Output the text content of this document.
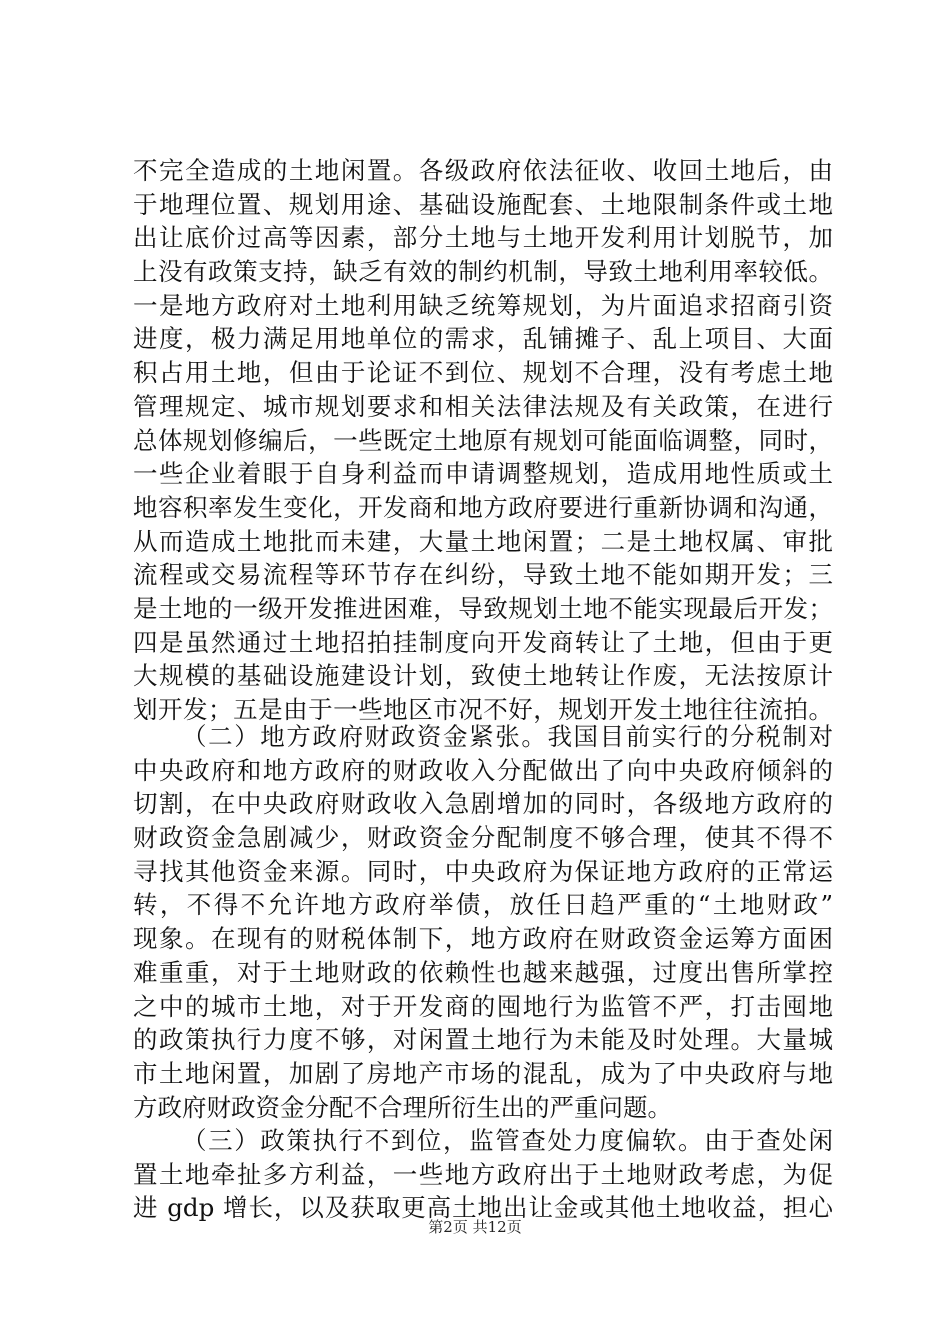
不完全造成的土地闲置。各级政府依法征收、收回土地后，由
于地理位置、规划用途、基础设施配套、土地限制条件或土地
出让底价过高等因素，部分土地与土地开发利用计划脱节，加
上没有政策支持，缺乏有效的制约机制，导致土地利用率较低。
一是地方政府对土地利用缺乏统筹规划，为片面追求招商引资
进度，极力满足用地单位的需求，乱铺摊子、乱上项目、大面
积占用土地，但由于论证不到位、规划不合理，没有考虑土地
管理规定、城市规划要求和相关法律法规及有关政策，在进行
总体规划修编后，一些既定土地原有规划可能面临调整，同时，
一些企业着眼于自身利益而申请调整规划，造成用地性质或土
地容积率发生变化，开发商和地方政府要进行重新协调和沟通，
从而造成土地批而未建，大量土地闲置；二是土地权属、审批
流程或交易流程等环节存在纠纷，导致土地不能如期开发；三
是土地的一级开发推进困难，导致规划土地不能实现最后开发；
四是虽然通过土地招拍挂制度向开发商转让了土地，但由于更
大规模的基础设施建设计划，致使土地转让作废，无法按原计
划开发；五是由于一些地区市况不好，规划开发土地往往流拍。
（二）地方政府财政资金紧张。我国目前实行的分税制对
中央政府和地方政府的财政收入分配做出了向中央政府倾斜的
切割，在中央政府财政收入急剧增加的同时，各级地方政府的
财政资金急剧减少，财政资金分配制度不够合理，使其不得不
寻找其他资金来源。同时，中央政府为保证地方政府的正常运
转，不得不允许地方政府举债，放任日趋严重的“土地财政”
现象。在现有的财税体制下，地方政府在财政资金运筹方面困
难重重，对于土地财政的依赖性也越来越强，过度出售所掌控
之中的城市土地，对于开发商的囤地行为监管不严，打击囤地
的政策执行力度不够，对闲置土地行为未能及时处理。大量城
市土地闲置，加剧了房地产市场的混乱，成为了中央政府与地
方政府财政资金分配不合理所衍生出的严重问题。
（三）政策执行不到位，监管查处力度偏软。由于查处闲
置土地牵扯多方利益，一些地方政府出于土地财政考虑，为促
进 gdp 增长，以及获取更高土地出让金或其他土地收益，担心
第2页 共12页
